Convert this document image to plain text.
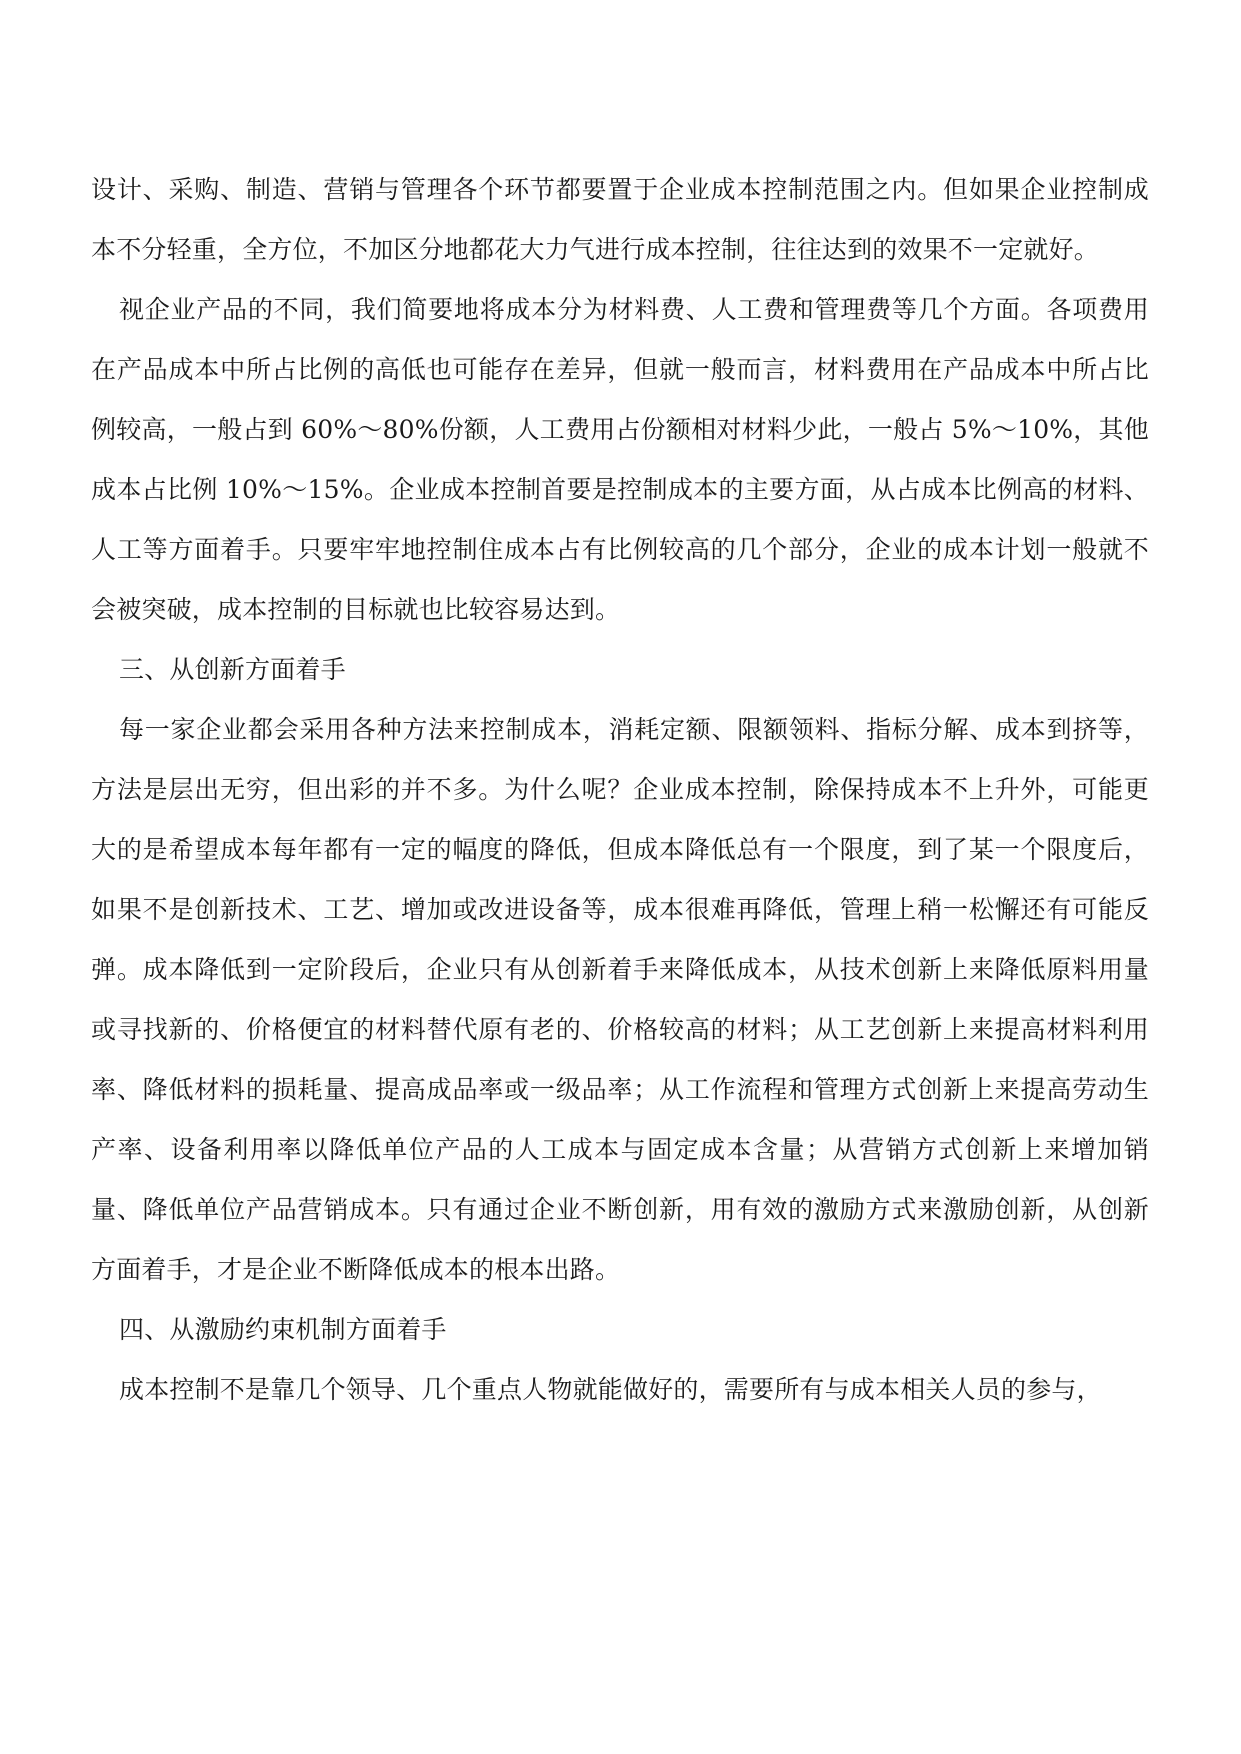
设计、采购、制造、营销与管理各个环节都要置于企业成本控制范围之内。但如果企业控制成本不分轻重，全方位，不加区分地都花大力气进行成本控制，往往达到的效果不一定就好。

视企业产品的不同，我们简要地将成本分为材料费、人工费和管理费等几个方面。各项费用在产品成本中所占比例的高低也可能存在差异，但就一般而言，材料费用在产品成本中所占比例较高，一般占到 60%～80%份额，人工费用占份额相对材料少此，一般占 5%～10%，其他成本占比例 10%～15%。企业成本控制首要是控制成本的主要方面，从占成本比例高的材料、人工等方面着手。只要牢牢地控制住成本占有比例较高的几个部分，企业的成本计划一般就不会被突破，成本控制的目标就也比较容易达到。

三、从创新方面着手

每一家企业都会采用各种方法来控制成本，消耗定额、限额领料、指标分解、成本到挤等，方法是层出无穷，但出彩的并不多。为什么呢？企业成本控制，除保持成本不上升外，可能更大的是希望成本每年都有一定的幅度的降低，但成本降低总有一个限度，到了某一个限度后，如果不是创新技术、工艺、增加或改进设备等，成本很难再降低，管理上稍一松懈还有可能反弹。成本降低到一定阶段后，企业只有从创新着手来降低成本，从技术创新上来降低原料用量或寻找新的、价格便宜的材料替代原有老的、价格较高的材料；从工艺创新上来提高材料利用率、降低材料的损耗量、提高成品率或一级品率；从工作流程和管理方式创新上来提高劳动生产率、设备利用率以降低单位产品的人工成本与固定成本含量；从营销方式创新上来增加销量、降低单位产品营销成本。只有通过企业不断创新，用有效的激励方式来激励创新，从创新方面着手，才是企业不断降低成本的根本出路。

四、从激励约束机制方面着手

成本控制不是靠几个领导、几个重点人物就能做好的，需要所有与成本相关人员的参与，
